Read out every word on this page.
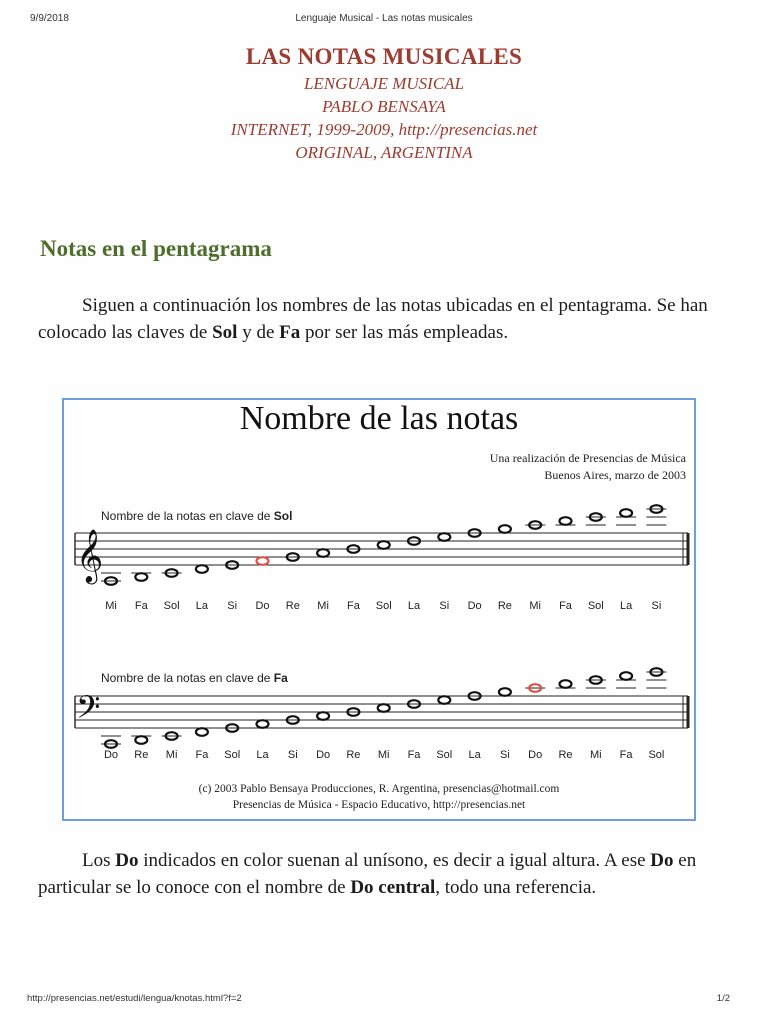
9/9/2018	Lenguaje Musical - Las notas musicales
LAS NOTAS MUSICALES
LENGUAJE MUSICAL
PABLO BENSAYA
INTERNET, 1999-2009, http://presencias.net
ORIGINAL, ARGENTINA
Notas en el pentagrama
Siguen a continuación los nombres de las notas ubicadas en el pentagrama. Se han colocado las claves de Sol y de Fa por ser las más empleadas.
Nombre de las notas
Una realización de Presencias de Música
Buenos Aires, marzo de 2003
Nombre de la notas en clave de Sol
𝄞
Mi Fa Sol La Si Do Re Mi Fa Sol La Si Do Re Mi Fa Sol La Si
Nombre de la notas en clave de Fa
𝄢
Do Re Mi Fa Sol La Si Do Re Mi Fa Sol La Si Do Re Mi Fa Sol
(c) 2003 Pablo Bensaya Producciones, R. Argentina, presencias@hotmail.com
Presencias de Música - Espacio Educativo, http://presencias.net
Los Do indicados en color suenan al unísono, es decir a igual altura. A ese Do en particular se lo conoce con el nombre de Do central, todo una referencia.
http://presencias.net/estudi/lengua/knotas.html?f=2	1/2
